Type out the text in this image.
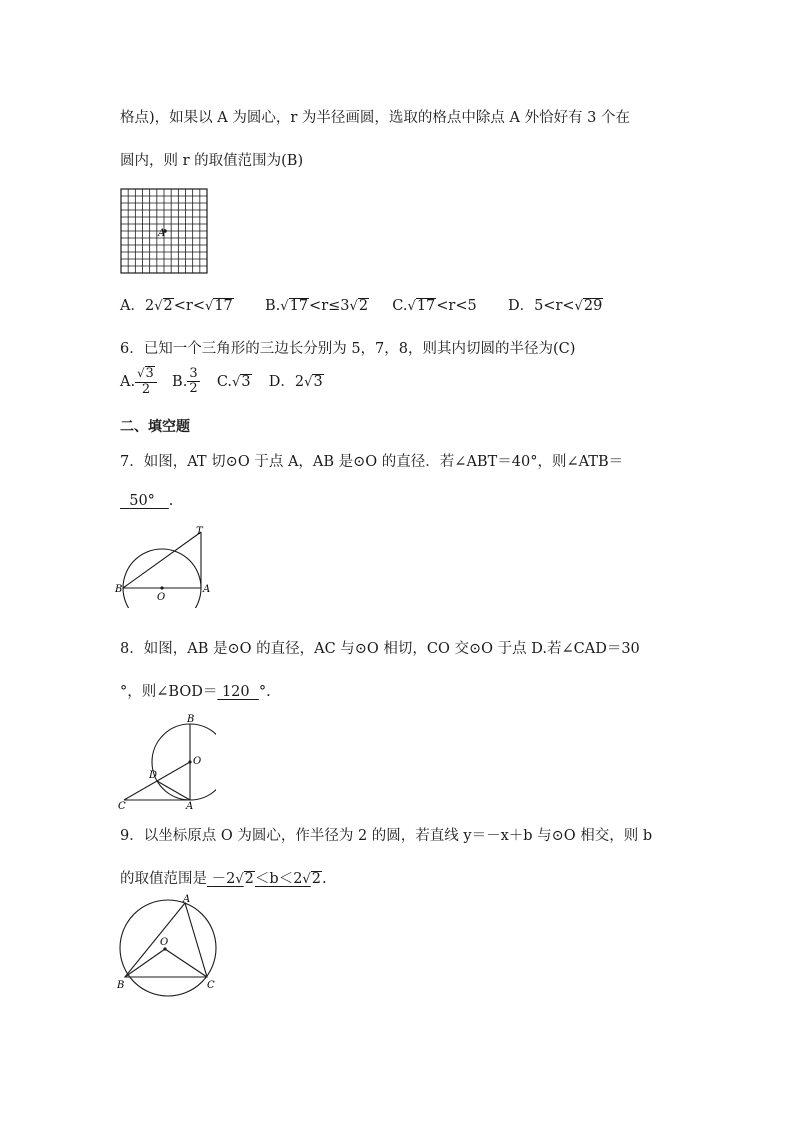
格点)，如果以 A 为圆心，r 为半径画圆，选取的格点中除点 A 外恰好有 3 个在
圆内，则 r 的取值范围为(B)
A
A．2√2<r<√17 B.√17<r≤3√2 C.√17<r<5 D．5<r<√29
6．已知一个三角形的三边长分别为 5，7，8，则其内切圆的半径为(C)
A. $\frac{√3}{2} B$. $\frac{3}{2} C.√3$ D．2√3
二、填空题
7．如图，AT 切⊙O 于点 A，AB 是⊙O 的直径．若∠ABT＝40°，则∠ATB＝
50° .
T
B
O
A
8．如图，AB 是⊙O 的直径，AC 与⊙O 相切，CO 交⊙O 于点 D.若∠CAD＝30
°，则∠BOD＝ 120 °.
B
O
D
C	A
9．以坐标原点 O 为圆心，作半径为 2 的圆，若直线 y＝－x＋b 与⊙O 相交，则 b
的取值范围是 －2√2＜b＜2√2.
A
O
B	C
